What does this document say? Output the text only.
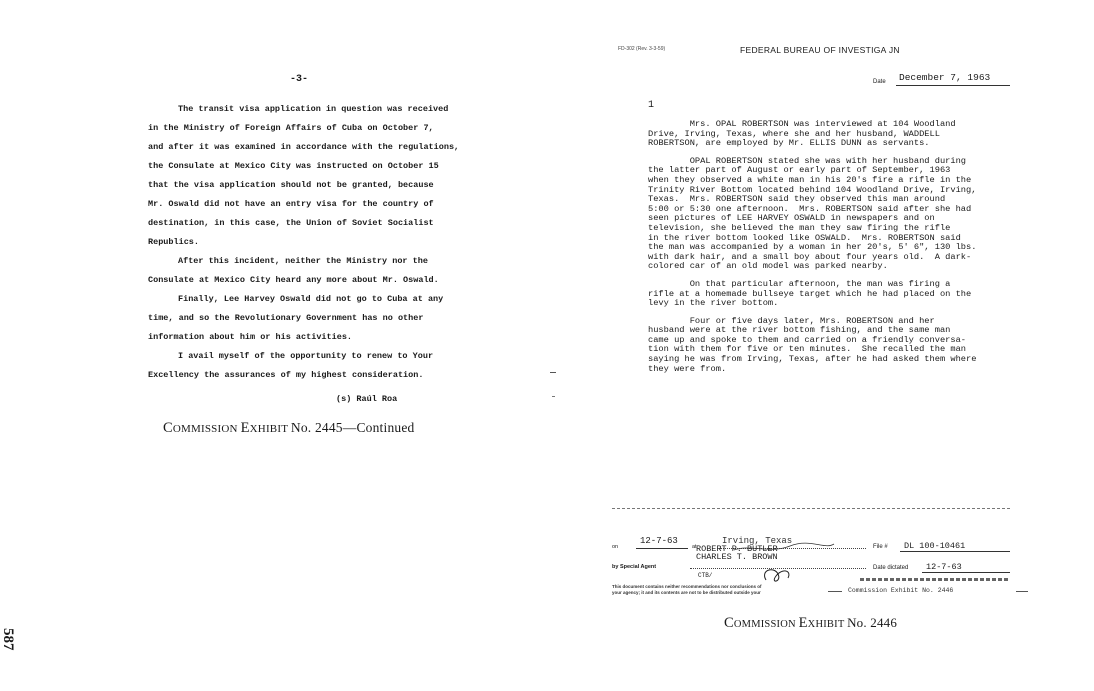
-3-
The transit visa application in question was received
in the Ministry of Foreign Affairs of Cuba on October 7,
and after it was examined in accordance with the regulations,
the Consulate at Mexico City was instructed on October 15
that the visa application should not be granted, because
Mr. Oswald did not have an entry visa for the country of
destination, in this case, the Union of Soviet Socialist
Republics.
After this incident, neither the Ministry nor the
Consulate at Mexico City heard any more about Mr. Oswald.
Finally, Lee Harvey Oswald did not go to Cuba at any
time, and so the Revolutionary Government has no other
information about him or his activities.
I avail myself of the opportunity to renew to Your
Excellency the assurances of my highest consideration.
(s) Raúl Roa
COMMISSION EXHIBIT No. 2445—Continued
587
FD-302 (Rev. 3-3-59)	FEDERAL BUREAU OF INVESTIGA JN
Date December 7, 1963
1
Mrs. OPAL ROBERTSON was interviewed at 104 Woodland
Drive, Irving, Texas, where she and her husband, WADDELL
ROBERTSON, are employed by Mr. ELLIS DUNN as servants.
OPAL ROBERTSON stated she was with her husband during
the latter part of August or early part of September, 1963
when they observed a white man in his 20's fire a rifle in the
Trinity River Bottom located behind 104 Woodland Drive, Irving,
Texas.  Mrs. ROBERTSON said they observed this man around
5:00 or 5:30 one afternoon.  Mrs. ROBERTSON said after she had
seen pictures of LEE HARVEY OSWALD in newspapers and on
television, she believed the man they saw firing the rifle
in the river bottom looked like OSWALD.  Mrs. ROBERTSON said
the man was accompanied by a woman in her 20's, 5' 6", 130 lbs.
with dark hair, and a small boy about four years old.  A dark-
colored car of an old model was parked nearby.
On that particular afternoon, the man was firing a
rifle at a homemade bullseye target which he had placed on the
levy in the river bottom.
Four or five days later, Mrs. ROBERTSON and her
husband were at the river bottom fishing, and the same man
came up and spoke to them and carried on a friendly conversa-
tion with them for five or ten minutes.  She recalled the man
saying he was from Irving, Texas, after he had asked them where
they were from.
on
12-7-63
at
Irving, Texas
File # DL 100-10461
by Special Agent
ROBERT P. BUTLER
CHARLES T. BROWN
Date dictated 12-7-63
CTB/
This document contains neither recommendations nor conclusions of
your agency; it and its contents are not to be distributed outside your	Commission Exhibit No. 2446
COMMISSION EXHIBIT No. 2446
